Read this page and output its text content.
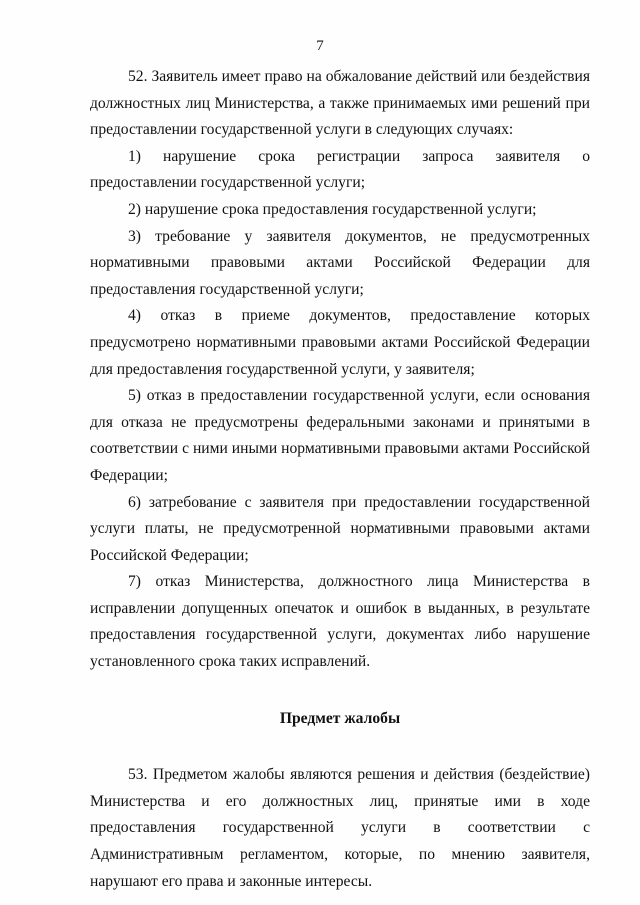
7

52. Заявитель имеет право на обжалование действий или бездействия должностных лиц Министерства, а также принимаемых ими решений при предоставлении государственной услуги в следующих случаях:

1) нарушение срока регистрации запроса заявителя о предоставлении государственной услуги;

2) нарушение срока предоставления государственной услуги;

3) требование у заявителя документов, не предусмотренных нормативными правовыми актами Российской Федерации для предоставления государственной услуги;

4) отказ в приеме документов, предоставление которых предусмотрено нормативными правовыми актами Российской Федерации для предоставления государственной услуги, у заявителя;

5) отказ в предоставлении государственной услуги, если основания для отказа не предусмотрены федеральными законами и принятыми в соответствии с ними иными нормативными правовыми актами Российской Федерации;

6) затребование с заявителя при предоставлении государственной услуги платы, не предусмотренной нормативными правовыми актами Российской Федерации;

7) отказ Министерства, должностного лица Министерства в исправлении допущенных опечаток и ошибок в выданных, в результате предоставления государственной услуги, документах либо нарушение установленного срока таких исправлений.

Предмет жалобы

53. Предметом жалобы являются решения и действия (бездействие) Министерства и его должностных лиц, принятые ими в ходе предоставления государственной услуги в соответствии с Административным регламентом, которые, по мнению заявителя, нарушают его права и законные интересы.
